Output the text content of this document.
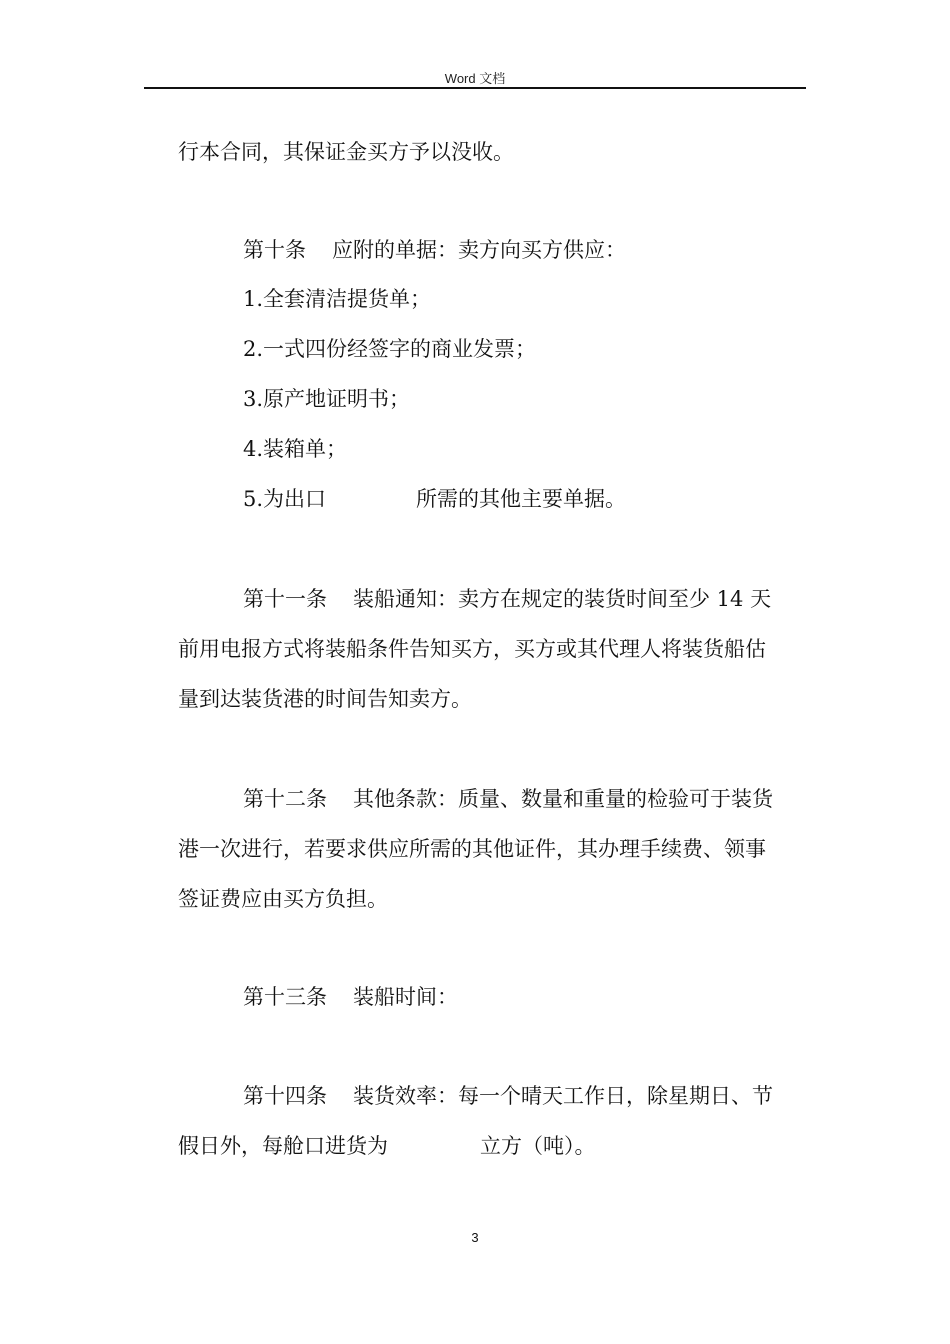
Word 文档
行本合同，其保证金买方予以没收。
第十条 应附的单据：卖方向买方供应：
1.全套清洁提货单；
2.一式四份经签字的商业发票；
3.原产地证明书；
4.装箱单；
5.为出口	所需的其他主要单据。
第十一条 装船通知：卖方在规定的装货时间至少 14 天
前用电报方式将装船条件告知买方，买方或其代理人将装货船估
量到达装货港的时间告知卖方。
第十二条 其他条款：质量、数量和重量的检验可于装货
港一次进行，若要求供应所需的其他证件，其办理手续费、领事
签证费应由买方负担。
第十三条 装船时间：
第十四条 装货效率：每一个晴天工作日，除星期日、节
假日外，每舱口进货为	立方（吨）。
3
